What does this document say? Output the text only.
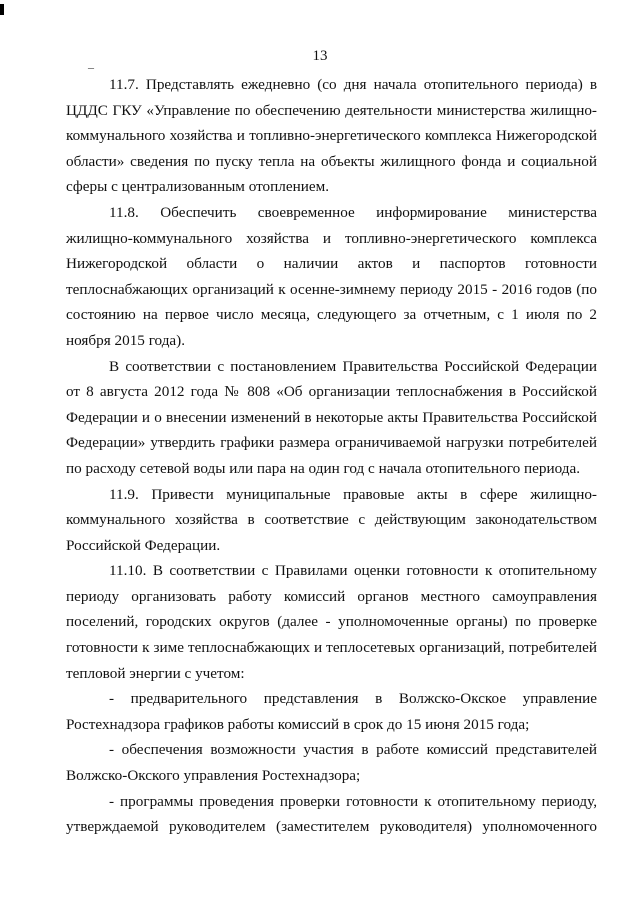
13
–

11.7. Представлять ежедневно (со дня начала отопительного периода) в ЦДДС ГКУ «Управление по обеспечению деятельности министерства жилищно-коммунального хозяйства и топливно-энергетического комплекса Нижегородской области» сведения по пуску тепла на объекты жилищного фонда и социальной сферы с централизованным отоплением.

11.8. Обеспечить своевременное информирование министерства жилищно-коммунального хозяйства и топливно-энергетического комплекса Нижегородской области о наличии актов и паспортов готовности теплоснабжающих организаций к осенне-зимнему периоду 2015 - 2016 годов (по состоянию на первое число месяца, следующего за отчетным, с 1 июля по 2 ноября 2015 года).

В соответствии с постановлением Правительства Российской Федерации от 8 августа 2012 года № 808 «Об организации теплоснабжения в Российской Федерации и о внесении изменений в некоторые акты Правительства Российской Федерации» утвердить графики размера ограничиваемой нагрузки потребителей по расходу сетевой воды или пара на один год с начала отопительного периода.

11.9. Привести муниципальные правовые акты в сфере жилищно-коммунального хозяйства в соответствие с действующим законодательством Российской Федерации.

11.10. В соответствии с Правилами оценки готовности к отопительному периоду организовать работу комиссий органов местного самоуправления поселений, городских округов (далее - уполномоченные органы) по проверке готовности к зиме теплоснабжающих и теплосетевых организаций, потребителей тепловой энергии с учетом:

- предварительного представления в Волжско-Окское управление Ростехнадзора графиков работы комиссий в срок до 15 июня 2015 года;

- обеспечения возможности участия в работе комиссий представителей Волжско-Окского управления Ростехнадзора;

- программы проведения проверки готовности к отопительному периоду, утверждаемой руководителем (заместителем руководителя) уполномоченного
